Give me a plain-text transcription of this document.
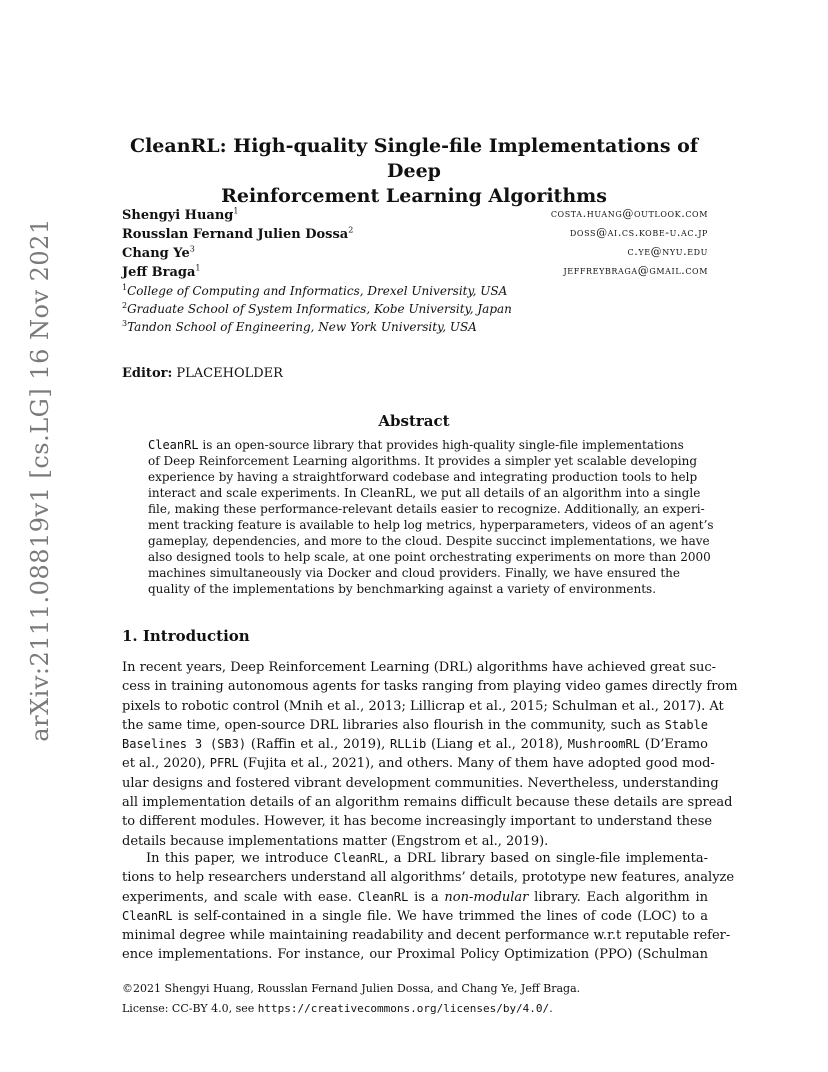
arXiv:2111.08819v1 [cs.LG] 16 Nov 2021
CleanRL: High-quality Single-file Implementations of Deep
Reinforcement Learning Algorithms
Shengyi Huang$^1$	costa.huang@outlook.com
Rousslan Fernand Julien Dossa$^2$	doss@ai.cs.kobe-u.ac.jp
Chang Ye$^3$	c.ye@nyu.edu
Jeff Braga$^1$	jeffreybraga@gmail.com
$^1$College of Computing and Informatics, Drexel University, USA
$^2$Graduate School of System Informatics, Kobe University, Japan
$^3$Tandon School of Engineering, New York University, USA
Editor: PLACEHOLDER
Abstract
CleanRL is an open-source library that provides high-quality single-file implementations
of Deep Reinforcement Learning algorithms. It provides a simpler yet scalable developing
experience by having a straightforward codebase and integrating production tools to help
interact and scale experiments. In CleanRL, we put all details of an algorithm into a single
file, making these performance-relevant details easier to recognize. Additionally, an experi-
ment tracking feature is available to help log metrics, hyperparameters, videos of an agent’s
gameplay, dependencies, and more to the cloud. Despite succinct implementations, we have
also designed tools to help scale, at one point orchestrating experiments on more than 2000
machines simultaneously via Docker and cloud providers. Finally, we have ensured the
quality of the implementations by benchmarking against a variety of environments.
1. Introduction
In recent years, Deep Reinforcement Learning (DRL) algorithms have achieved great suc-
cess in training autonomous agents for tasks ranging from playing video games directly from
pixels to robotic control (Mnih et al., 2013; Lillicrap et al., 2015; Schulman et al., 2017). At
the same time, open-source DRL libraries also flourish in the community, such as Stable
Baselines 3 (SB3) (Raffin et al., 2019), RLLib (Liang et al., 2018), MushroomRL (D’Eramo
et al., 2020), PFRL (Fujita et al., 2021), and others. Many of them have adopted good mod-
ular designs and fostered vibrant development communities. Nevertheless, understanding
all implementation details of an algorithm remains difficult because these details are spread
to different modules. However, it has become increasingly important to understand these
details because implementations matter (Engstrom et al., 2019).
In this paper, we introduce CleanRL, a DRL library based on single-file implementa-
tions to help researchers understand all algorithms’ details, prototype new features, analyze
experiments, and scale with ease. CleanRL is a non-modular library. Each algorithm in
CleanRL is self-contained in a single file. We have trimmed the lines of code (LOC) to a
minimal degree while maintaining readability and decent performance w.r.t reputable refer-
ence implementations. For instance, our Proximal Policy Optimization (PPO) (Schulman
©2021 Shengyi Huang, Rousslan Fernand Julien Dossa, and Chang Ye, Jeff Braga.
License: CC-BY 4.0, see https://creativecommons.org/licenses/by/4.0/.
